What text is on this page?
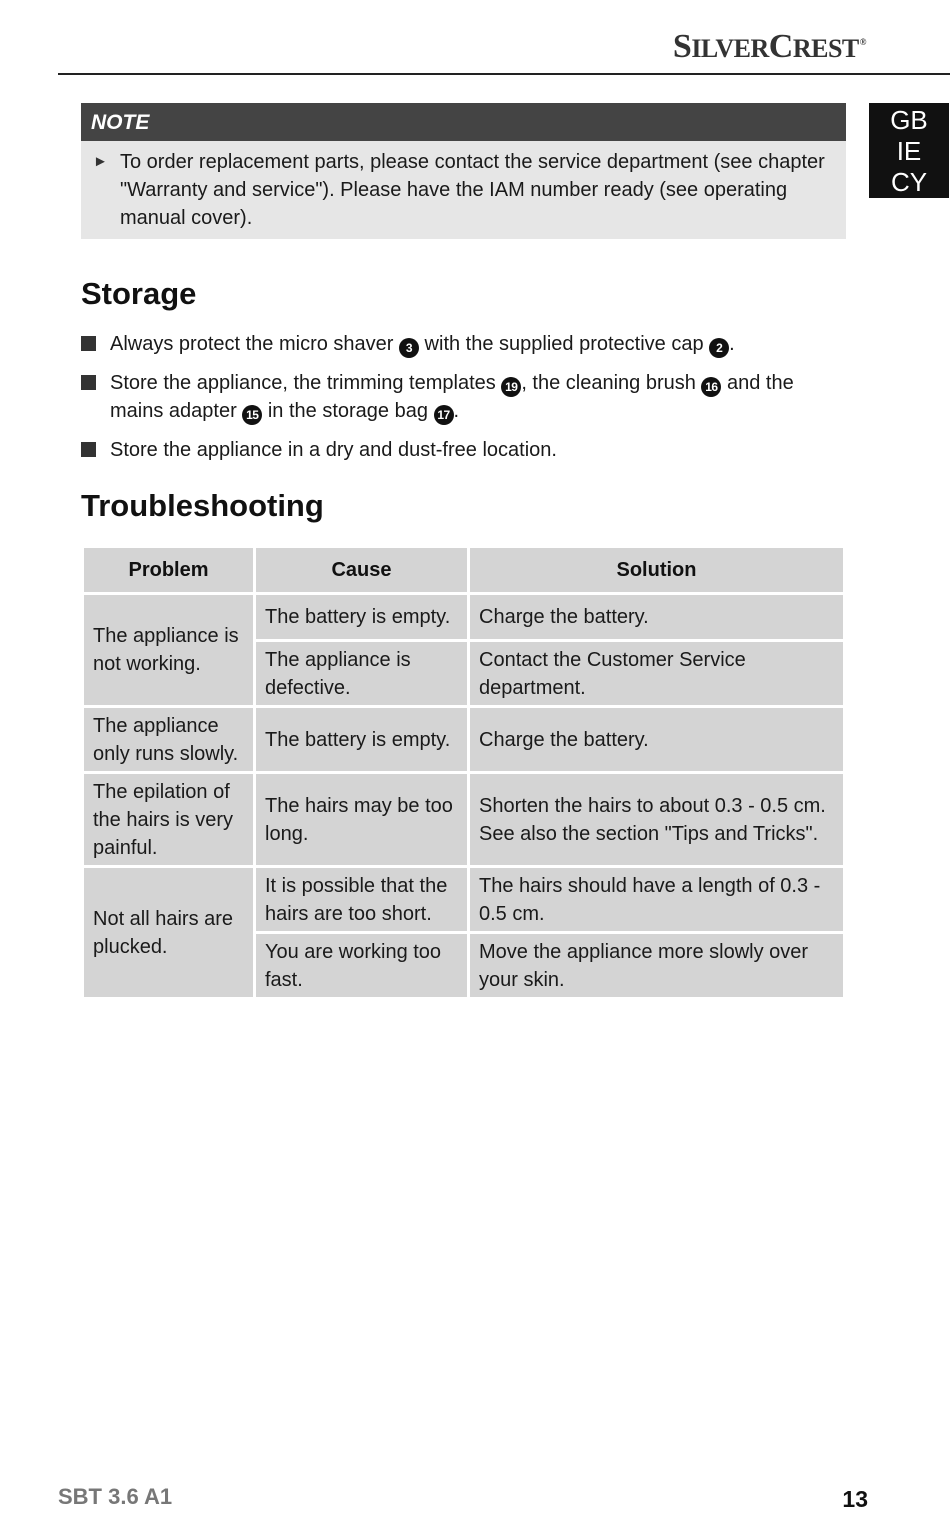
SILVERCREST®
GB
IE
CY
NOTE
► To order replacement parts, please contact the service department (see chapter "Warranty and service"). Please have the IAM number ready (see operating manual cover).
Storage
Always protect the micro shaver 3 with the supplied protective cap 2 .
Store the appliance, the trimming templates 19 , the cleaning brush 16 and the mains adapter 15 in the storage bag 17 .
Store the appliance in a dry and dust-free location.
Troubleshooting
Problem	Cause	Solution
The appliance is not working.	The battery is empty.	Charge the battery.
	The appliance is defective.	Contact the Customer Service department.
The appliance only runs slowly.	The battery is empty.	Charge the battery.
The epilation of the hairs is very painful.	The hairs may be too long.	Shorten the hairs to about 0.3 - 0.5 cm. See also the section "Tips and Tricks".
Not all hairs are plucked.	It is possible that the hairs are too short.	The hairs should have a length of 0.3 - 0.5 cm.
	You are working too fast.	Move the appliance more slowly over your skin.
SBT 3.6 A1	13
